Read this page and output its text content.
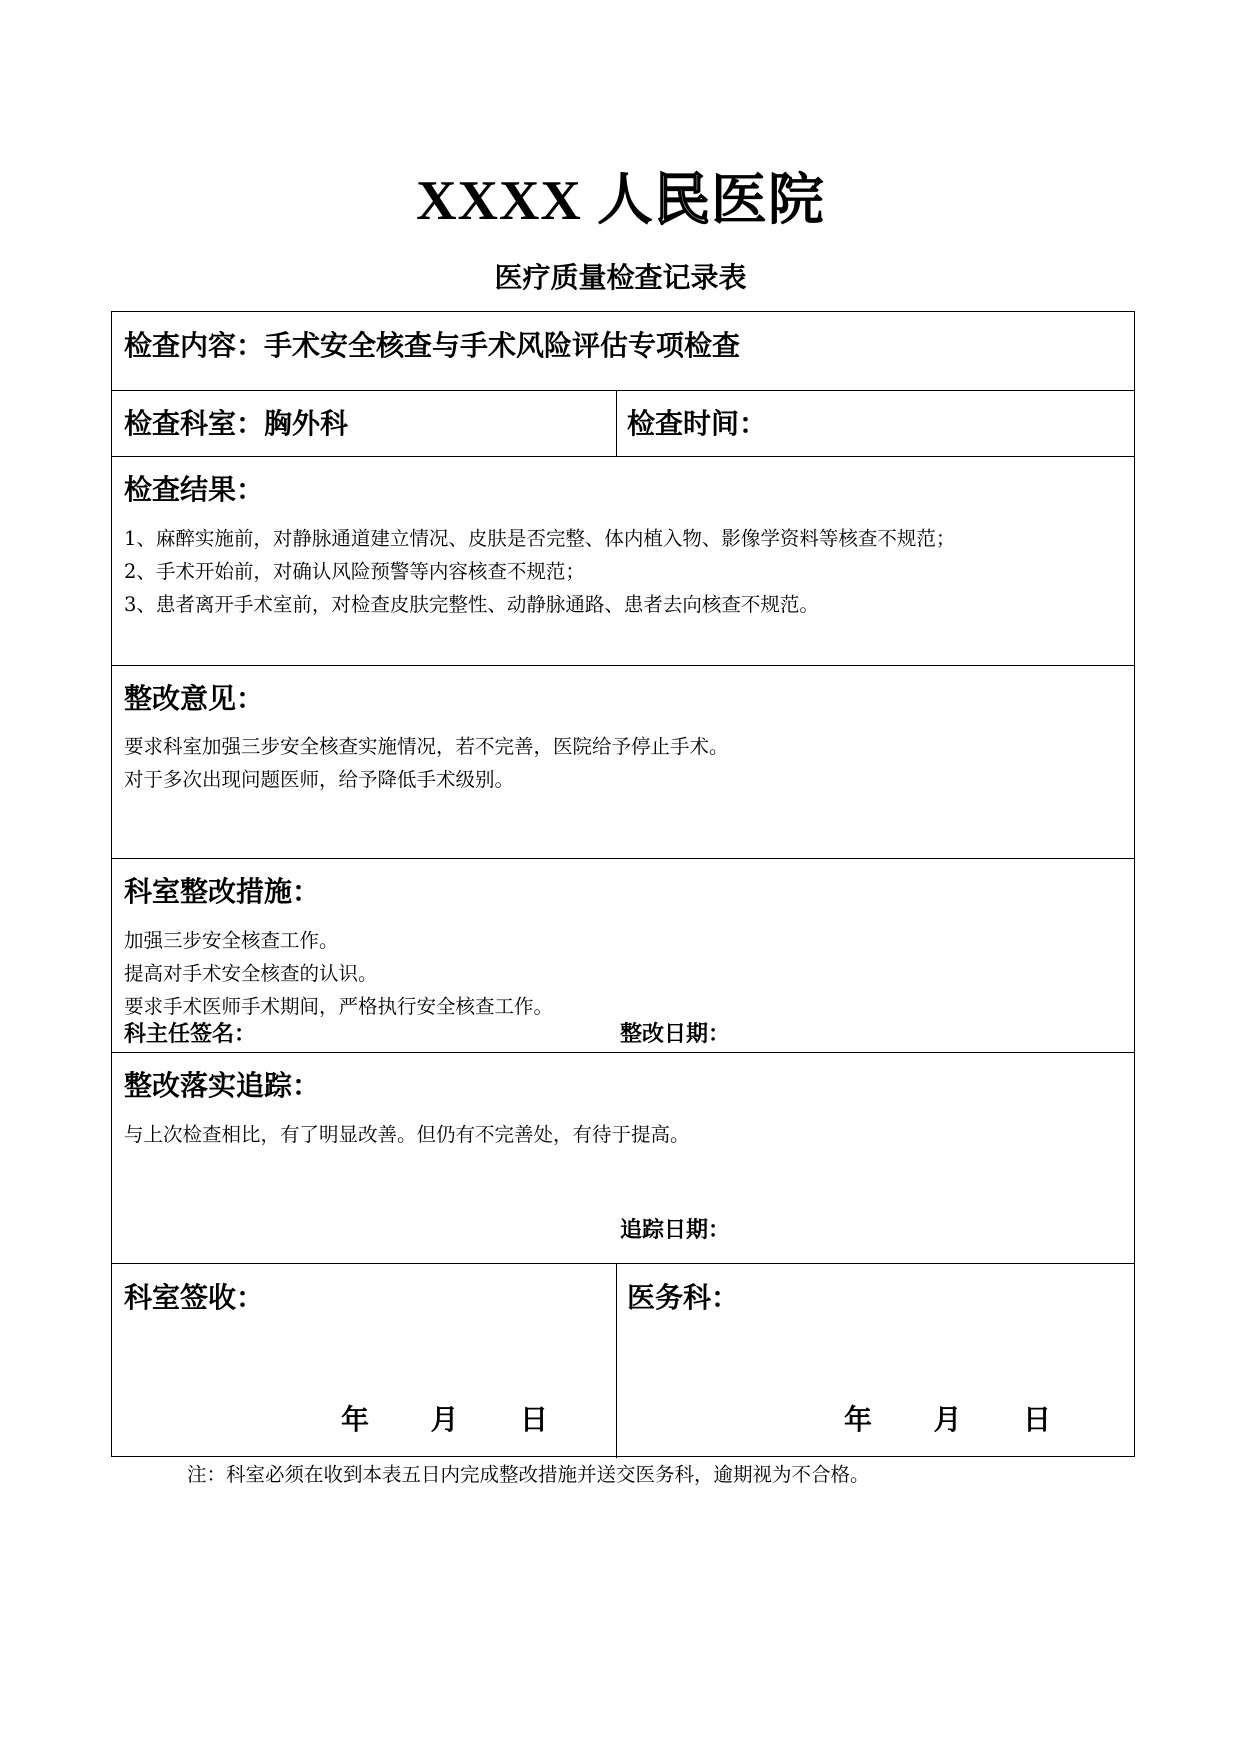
XXXX 人民医院
医疗质量检查记录表
检查内容：手术安全核查与手术风险评估专项检查
检查科室：胸外科	检查时间：
检查结果：
1、麻醉实施前，对静脉通道建立情况、皮肤是否完整、体内植入物、影像学资料等核查不规范；
2、手术开始前，对确认风险预警等内容核查不规范；
3、患者离开手术室前，对检查皮肤完整性、动静脉通路、患者去向核查不规范。
整改意见：
要求科室加强三步安全核查实施情况，若不完善，医院给予停止手术。
对于多次出现问题医师，给予降低手术级别。
科室整改措施：
加强三步安全核查工作。
提高对手术安全核查的认识。
要求手术医师手术期间，严格执行安全核查工作。
科主任签名：	整改日期：
整改落实追踪：
与上次检查相比，有了明显改善。但仍有不完善处，有待于提高。
追踪日期：
科室签收：
年 月 日
医务科：
年 月 日
注：科室必须在收到本表五日内完成整改措施并送交医务科，逾期视为不合格。
